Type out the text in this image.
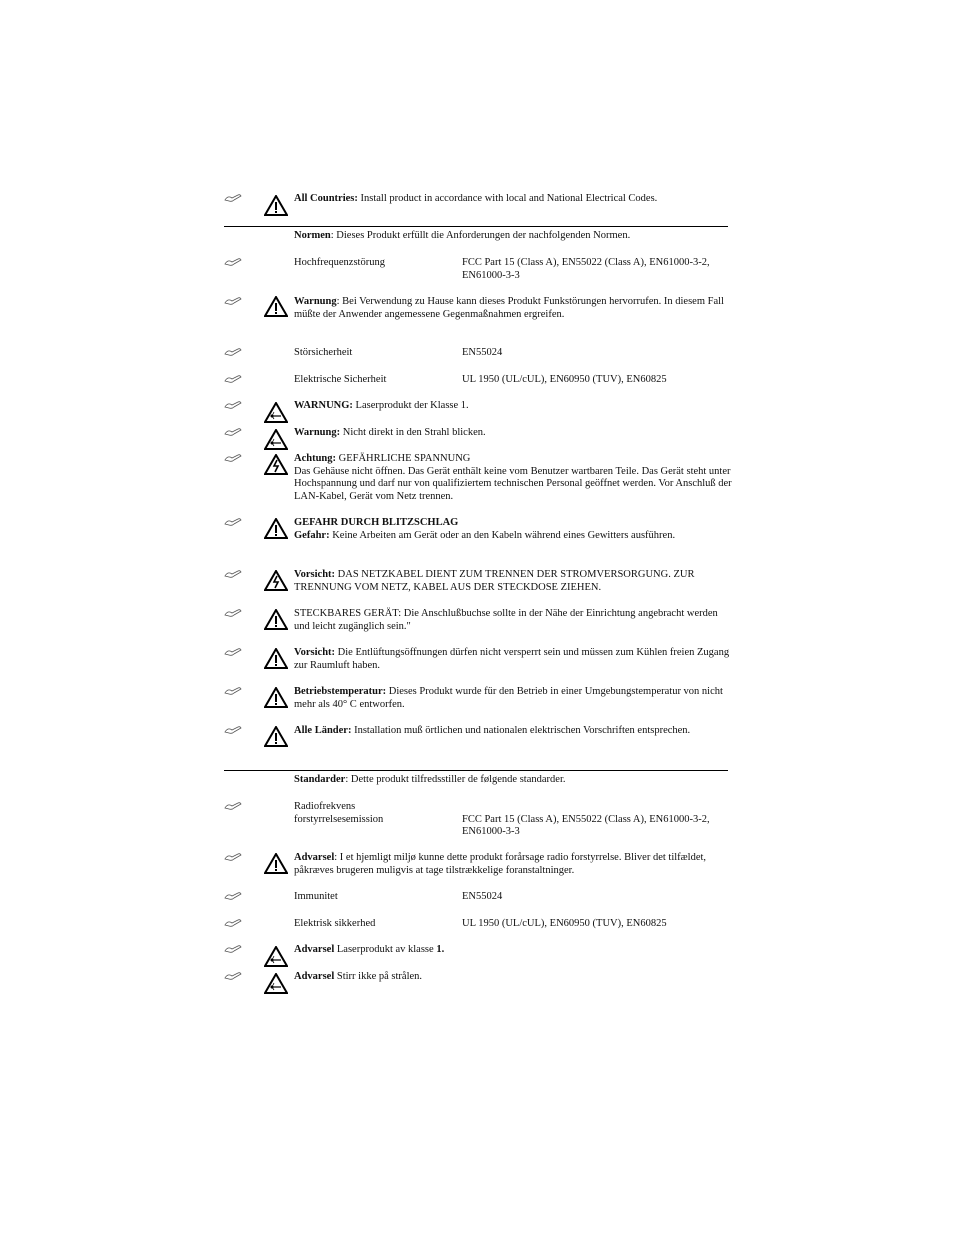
All Countries: Install product in accordance with local and National Electrical Codes.
Normen: Dieses Produkt erfüllt die Anforderungen der nachfolgenden Normen.
Hochfrequenzstörung	FCC Part 15 (Class A), EN55022 (Class A), EN61000-3-2, EN61000-3-3
Warnung: Bei Verwendung zu Hause kann dieses Produkt Funkstörungen hervorrufen. In diesem Fall müßte der Anwender angemessene Gegenmaßnahmen ergreifen.
Störsicherheit	EN55024
Elektrische Sicherheit	UL 1950 (UL/cUL), EN60950 (TUV), EN60825
WARNUNG: Laserprodukt der Klasse 1.
Warnung: Nicht direkt in den Strahl blicken.
Achtung: GEFÄHRLICHE SPANNUNG
Das Gehäuse nicht öffnen. Das Gerät enthält keine vom Benutzer wartbaren Teile. Das Gerät steht unter Hochspannung und darf nur von qualifiziertem technischen Personal geöffnet werden. Vor Anschluß der LAN-Kabel, Gerät vom Netz trennen.
GEFAHR DURCH BLITZSCHLAG
Gefahr: Keine Arbeiten am Gerät oder an den Kabeln während eines Gewitters ausführen.
Vorsicht: DAS NETZKABEL DIENT ZUM TRENNEN DER STROMVERSORGUNG. ZUR TRENNUNG VOM NETZ, KABEL AUS DER STECKDOSE ZIEHEN.
STECKBARES GERÄT: Die Anschlußbuchse sollte in der Nähe der Einrichtung angebracht werden und leicht zugänglich sein."
Vorsicht: Die Entlüftungsöffnungen dürfen nicht versperrt sein und müssen zum Kühlen freien Zugang zur Raumluft haben.
Betriebstemperatur: Dieses Produkt wurde für den Betrieb in einer Umgebungstemperatur von nicht mehr als 40° C entworfen.
Alle Länder: Installation muß örtlichen und nationalen elektrischen Vorschriften entsprechen.
Standarder: Dette produkt tilfredsstiller de følgende standarder.
Radiofrekvens
forstyrrelsesemission	FCC Part 15 (Class A), EN55022 (Class A), EN61000-3-2, EN61000-3-3
Advarsel: I et hjemligt miljø kunne dette produkt forårsage radio forstyrrelse. Bliver det tilfældet, påkræves brugeren muligvis at tage tilstrækkelige foranstaltninger.
Immunitet	EN55024
Elektrisk sikkerhed	UL 1950 (UL/cUL), EN60950 (TUV), EN60825
Advarsel Laserprodukt av klasse 1.
Advarsel Stirr ikke på strålen.
